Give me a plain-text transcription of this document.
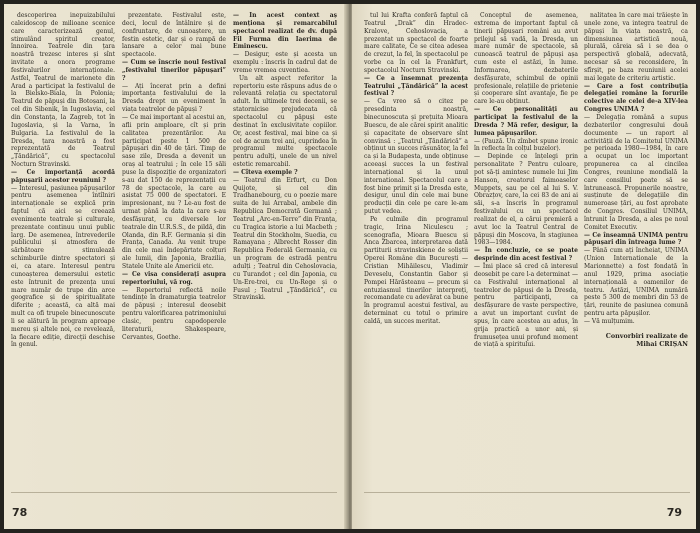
descoperirea inepuizabilului caleidoscop de milioane scenice care caracterizează genul, stimulând spiritul creator, înnoirea. Teatrele din țara noastră trezesc interes și sînt invitate a onora programe festivalurilor internaționale. Astfel, Teatrul de marionete din Arad a participat la festivalul de la Bielsko-Biala, în Polonia; Teatrul de păpuși din Botoșani, la cel din Sibenik, în Iugoslavia, cel din Constanța, la Zagreb, tot în Iugoslavia, și la Varna, în Bulgaria. La festivalul de la Dresda, țara noastră a fost reprezentată de Teatrul „Țăndărică”, cu spectacolul Nocturn Stravinski.

— Ce importanță acordă păpușarii acestor reuniuni ?

— Interesul, pasiunea păpușarilor pentru asemenea întîlniri internaționale se explică prin faptul că aici se creează evenimente teatrale și culturale, prezentate continuu unui public larg. De asemenea, întrevederile publicului și atmosfera de sărbătoare stimulează schimburile dintre spectatori și ei, ca atare. Interesul pentru cunoașterea demersului estetic este întrunit de prezența unui mare număr de trupe din arce geografice și de spiritualitate diferite ; această, ca altă mai mult ca ofi trupele binecunoscute li se alătură în program aproape mereu și altele noi, ce revelează, la fiecare ediție, direcții deschise în genul.

prezentate. Festivalul este, deci, locul de întâlnire și de confruntare, de cunoaștere, un festin estetic, dar și o rampă de lansare a celor mai bune spectacole.

— Cum se înscrie noul festival „festivalul tinerilor păpușari” ?

— Ați încerat prin a defini importanța festivalului de la Dresda drept un eveniment în viața teatrelor de păpuși ?

— Ce mai important al acestui an, afli prin amploare, cît și prin calitatea prezentărilor. Au participat peste 1 500 de păpușari din 40 de țări. Timp de sase zile, Dresda a devenit un oraș al teatrului ; în cele 15 săli puse la dispoziție de organizatori s-au dat 150 de reprezentații cu 78 de spectacole, la care au asistat 75 000 de spectatori. E impresionant, nu ? Le-au fost de urmat până la data la care s-au desfășurat, cu diversele lor teatrale din U.R.S.S., de pildă, din Olanda, din R.F. Germania și din Franța, Canada. Au venit trupe din cele mai îndepărtate colțuri ale lumii, din Japonia, Brazilia, Statele Unite ale Americii etc.

— Ce visa considerați asupra repertoriului, vă rog.

— Repertoriul reflectă noile tendințe în dramaturgia teatrelor de păpuși ; interesul deosebit pentru valorificarea patrimoniului clasic, pentru capodoperele literaturii, Shakespeare, Cervantes, Goethe.

— În acest context aș menționa și remarcabilul spectacol realizat de dv. după Fil Furma din Iaerima de Eminescu.

— Desigur, este și acesta un exemplu : înscris în cadrul dat de vreme vremea cuventiea.

Un alt aspect referitor la repertoriu este răspuns adus de o relevantă relația cu spectatorul adult. În ultimele trei decenii, se statornicise prejudecata că spectacolul cu păpuși este destinat în exclusivitate copiilor. Or, acest festival, mai bine ca și cel de acum trei ani, cuprindea în programul multe spectacole pentru adulți, unele de un nivel estetic remarcabil.

— Cîteva exemple ?

— Teatrul din Erfurt, cu Don Quijote, și cel din Tradhanebourg, cu o poezie mare suita de lui Arrabal, ambele din Republica Democrată Germană ; Teatrul „Arc-en-Terre” din Franța, cu Tragica istorie a lui Macbeth ; Teatrul din Stockholm, Suedia, cu Ramayana ; Albrecht Rosser din Republica Federală Germania, cu un program de estradă pentru adulți ; Teatrul din Cehoslovacia, cu Turandot ; cel din Japonia, cu Un-Ere-trei, cu Un-Rege și o Fusul ; Teatrul „Țăndărică”, cu Stravinski.

78

tul lui Krafta conferă faptul că Teatrul „Drak” din Hradec-Kralove, Cehoslovacia, a prezentat un spectacol de foarte mare calitate, Ce se citea adesea de crezut, la fel, în spectacolul pe vorbe ca în cel la Frankfurt, spectacolul Nocturn Stravinski.

— Ce a însemnat prezența Teatrului „Țăndărică” la acest festival ?

— Ca vreo să o citez pe presedinta noastră, binecunoscuta și prețuita Mioara Buescu, de ale cărei spirit analitic și capacitate de observare sînt convinsă : „Teatrul „Țăndărică” a obținut un succes răsunător, la fel ca și la Budapesta, unde obținuse aceeași succes la un festival internațional și la unul international. Spectacolul care a fost bine primit și la Dresda este, desigur, unul din cele mai bune producții din cele pe care le-am putut vedea.

Pe culmile din programul tragic, Irina Niculescu ; scenografia, Mioara Buescu și Anca Zbarcea, interpretarea dată partiturii stravinskiene de soliștii Operei Române din București — Cristian Mihăilescu, Vladimir Deveselu, Constantin Gabor și Pompei Hărăsteanu — precum și entuziasmul tinerilor interpreți, recomandate cu adevărat ca bune în programul acestui festival, au determinat cu totul o primire caldă, un succes meritat.

Conceptul de asemenea, extrema de important faptul că tinerii păpușari români au avut prilejul să vadă, la Dresda, un mare număr de spectacole, să cunoască teatrul de păpuși așa cum este el astăzi, în lume. Informarea, dezbaterile desfășurate, schimbul de opinii profesionale, relațiile de prietenie și cooperare sînt avantaje, fie pe care le-au obținut.

— Ce personalități au participat la festivalul de la Dresda ? Mă refer, desigur, la lumea păpușarilor.

— (Pauză. Un zîmbet spune ironic în reflecta în colțul buzelor).

— Depinde ce înțelegi prin personalitate ? Pentru culoare, pot să-ți amintesc numele lui Jim Hanson, creatorul faimoaselor Muppets, sau pe cel al lui S. V. Obrazțov, care, la cei 83 de ani ai săi, s-a înscris în programul festivalului cu un spectacol realizat de el, a cărui premieră a avut loc la Teatrul Central de păpuși din Moscova, în stagiunea 1983—1984.

— În concluzie, ce se poate desprinde din acest festival ?

— Îmi place să cred că interesul deosebit pe care l-a determinat — ca Festivalul internațional al teatrelor de păpuși de la Dresda, pentru participanți, ca desfășurare de vaste perspective, a avut un important cuvînt de spus, în care acestea au adus, în grija practică a unor ani, și frumusețea unui profund moment de viață a spiritului.

nalitatea în care mai trăiește în unele zone, va integra teatrul de păpuși în viața noastră, ca dimensiunea artistică nouă, plurală, căreia să i se dea o perspectivă globală, adecvată, necesar să se reconsidere, în sfîrșit, pe baza reuniunii acelei mai legate de criteriu artistic.

— Care a fost contribuția delegației române la forurile colective ale celei de-a XIV-lea Congres UNIMA ?

— Delegația română a supus dezbaterilor congresului două documente — un raport al activității de la Comitetul UNIMA pe perioada 1980—1984, în care a ocupat un loc important propunerea ca al cincilea Congres, reuniune mondială la care consiliul poate să se întrunească. Propunerile noastre, susținute de delegațiile din numeroase țări, au fost aprobate de Congres. Consiliul UNIMA, întrunit la Dresda, a ales pe noul Comitet Executiv.

— Ce înseamnă UNIMA pentru păpușari din întreaga lume ?

— Până cum ați încheiat, UNIMA (Union Internationale de la Marionnette) a fost fondată în anul 1929, prima asociație internațională a oamenilor de teatru. Astăzi, UNIMA numără peste 5 300 de membri din 53 de țări, reunite de pasiunea comună pentru arta păpușilor.

— Vă mulțumim.

Convorbiri realizate de
Mihai CRIȘAN
79
